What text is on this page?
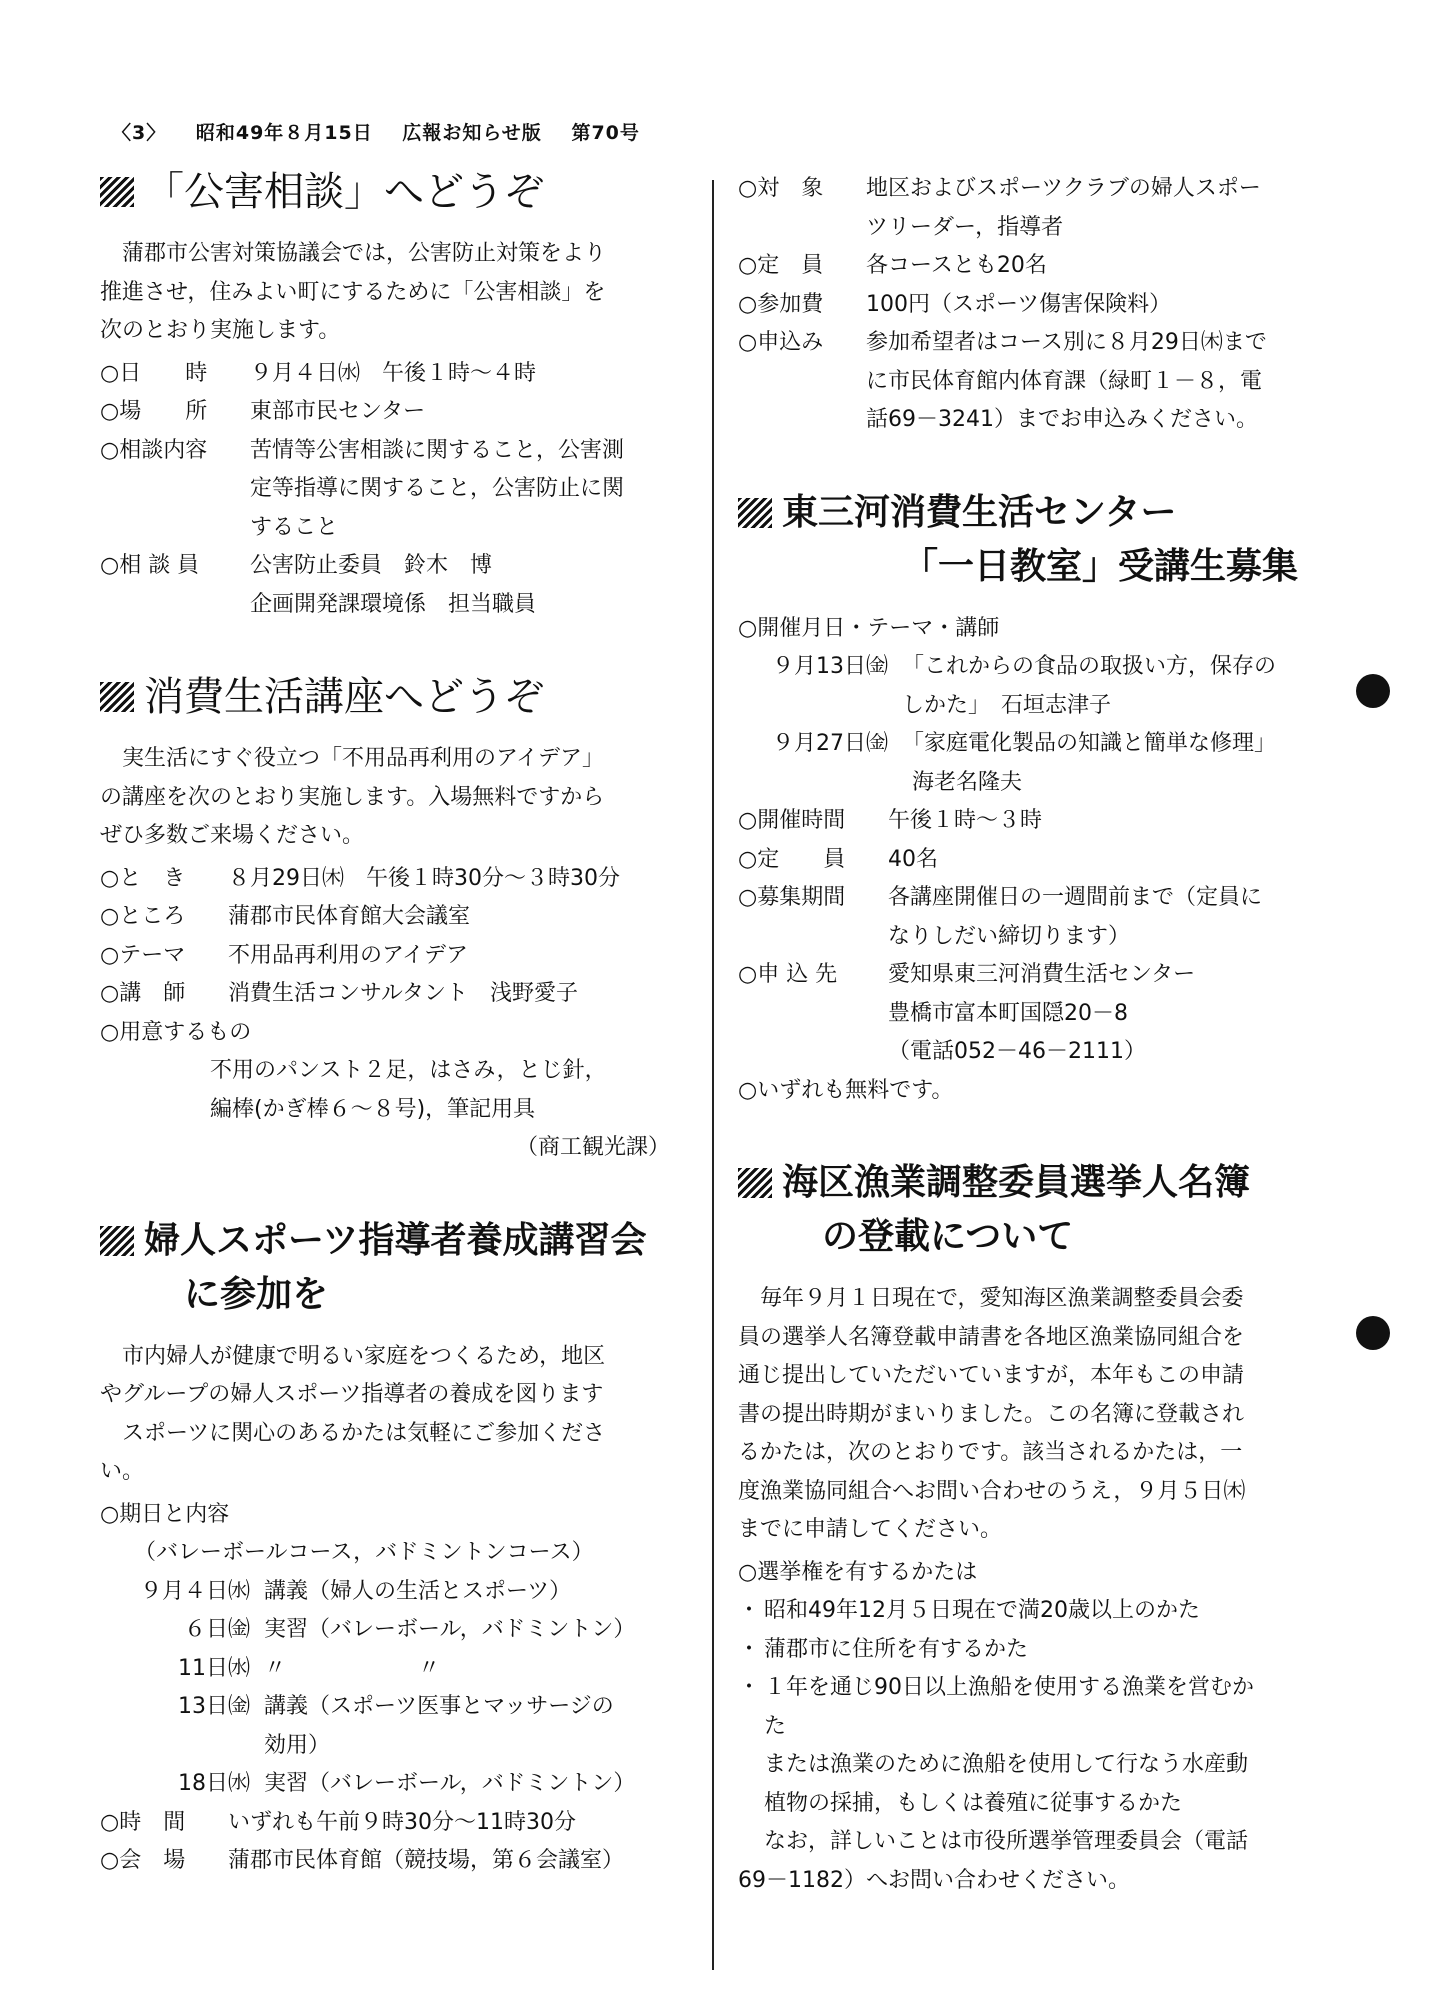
〈3〉 昭和49年８月15日 広報お知らせ版 第70号
「公害相談」へどうぞ
蒲郡市公害対策協議会では，公害防止対策をより
推進させ，住みよい町にするために「公害相談」を
次のとおり実施します。
○日　　時	９月４日㈬　午後１時～４時
○場　　所	東部市民センター
○相談内容	苦情等公害相談に関すること，公害測
定等指導に関すること，公害防止に関
すること
○相 談 員	公害防止委員　鈴木　博
企画開発課環境係　担当職員
消費生活講座へどうぞ
実生活にすぐ役立つ「不用品再利用のアイデア」
の講座を次のとおり実施します。入場無料ですから
ぜひ多数ご来場ください。
○と　き	８月29日㈭　午後１時30分～３時30分
○ところ	蒲郡市民体育館大会議室
○テーマ	不用品再利用のアイデア
○講　師	消費生活コンサルタント　浅野愛子
○用意するもの
不用のパンスト２足，はさみ，とじ針，
編棒(かぎ棒６～８号)，筆記用具
（商工観光課）
婦人スポーツ指導者養成講習会
に参加を
市内婦人が健康で明るい家庭をつくるため，地区
やグループの婦人スポーツ指導者の養成を図ります
スポーツに関心のあるかたは気軽にご参加くださ
い。
○期日と内容
（バレーボールコース，バドミントンコース）
９月４日㈬ 講義（婦人の生活とスポーツ）
６日㈮ 実習（バレーボール，バドミントン）
11日㈬ 〃　　　　　　〃
13日㈮ 講義（スポーツ医事とマッサージの
効用）
18日㈬ 実習（バレーボール，バドミントン）
○時　間	いずれも午前９時30分～11時30分
○会　場	蒲郡市民体育館（競技場，第６会議室）
○対　象	地区およびスポーツクラブの婦人スポー
ツリーダー，指導者
○定　員	各コースとも20名
○参加費	100円（スポーツ傷害保険料）
○申込み	参加希望者はコース別に８月29日㈭まで
に市民体育館内体育課（緑町１－８，電
話69－3241）までお申込みください。
東三河消費生活センター
「一日教室」受講生募集
○開催月日・テーマ・講師
９月13日㈮ 「これからの食品の取扱い方，保存の
しかた」　石垣志津子
９月27日㈮ 「家庭電化製品の知識と簡単な修理」
海老名隆夫
○開催時間	午後１時～３時
○定　　員	40名
○募集期間	各講座開催日の一週間前まで（定員に
なりしだい締切ります）
○申 込 先	愛知県東三河消費生活センター
豊橋市富本町国隠20－8
（電話052－46－2111）
○いずれも無料です。
海区漁業調整委員選挙人名簿
の登載について
毎年９月１日現在で，愛知海区漁業調整委員会委
員の選挙人名簿登載申請書を各地区漁業協同組合を
通じ提出していただいていますが，本年もこの申請
書の提出時期がまいりました。この名簿に登載され
るかたは，次のとおりです。該当されるかたは，一
度漁業協同組合へお問い合わせのうえ，９月５日㈭
までに申請してください。
○選挙権を有するかたは
・ 昭和49年12月５日現在で満20歳以上のかた
・ 蒲郡市に住所を有するかた
・ １年を通じ90日以上漁船を使用する漁業を営むか
た
または漁業のために漁船を使用して行なう水産動
植物の採捕，もしくは養殖に従事するかた
なお，詳しいことは市役所選挙管理委員会（電話
69－1182）へお問い合わせください。
